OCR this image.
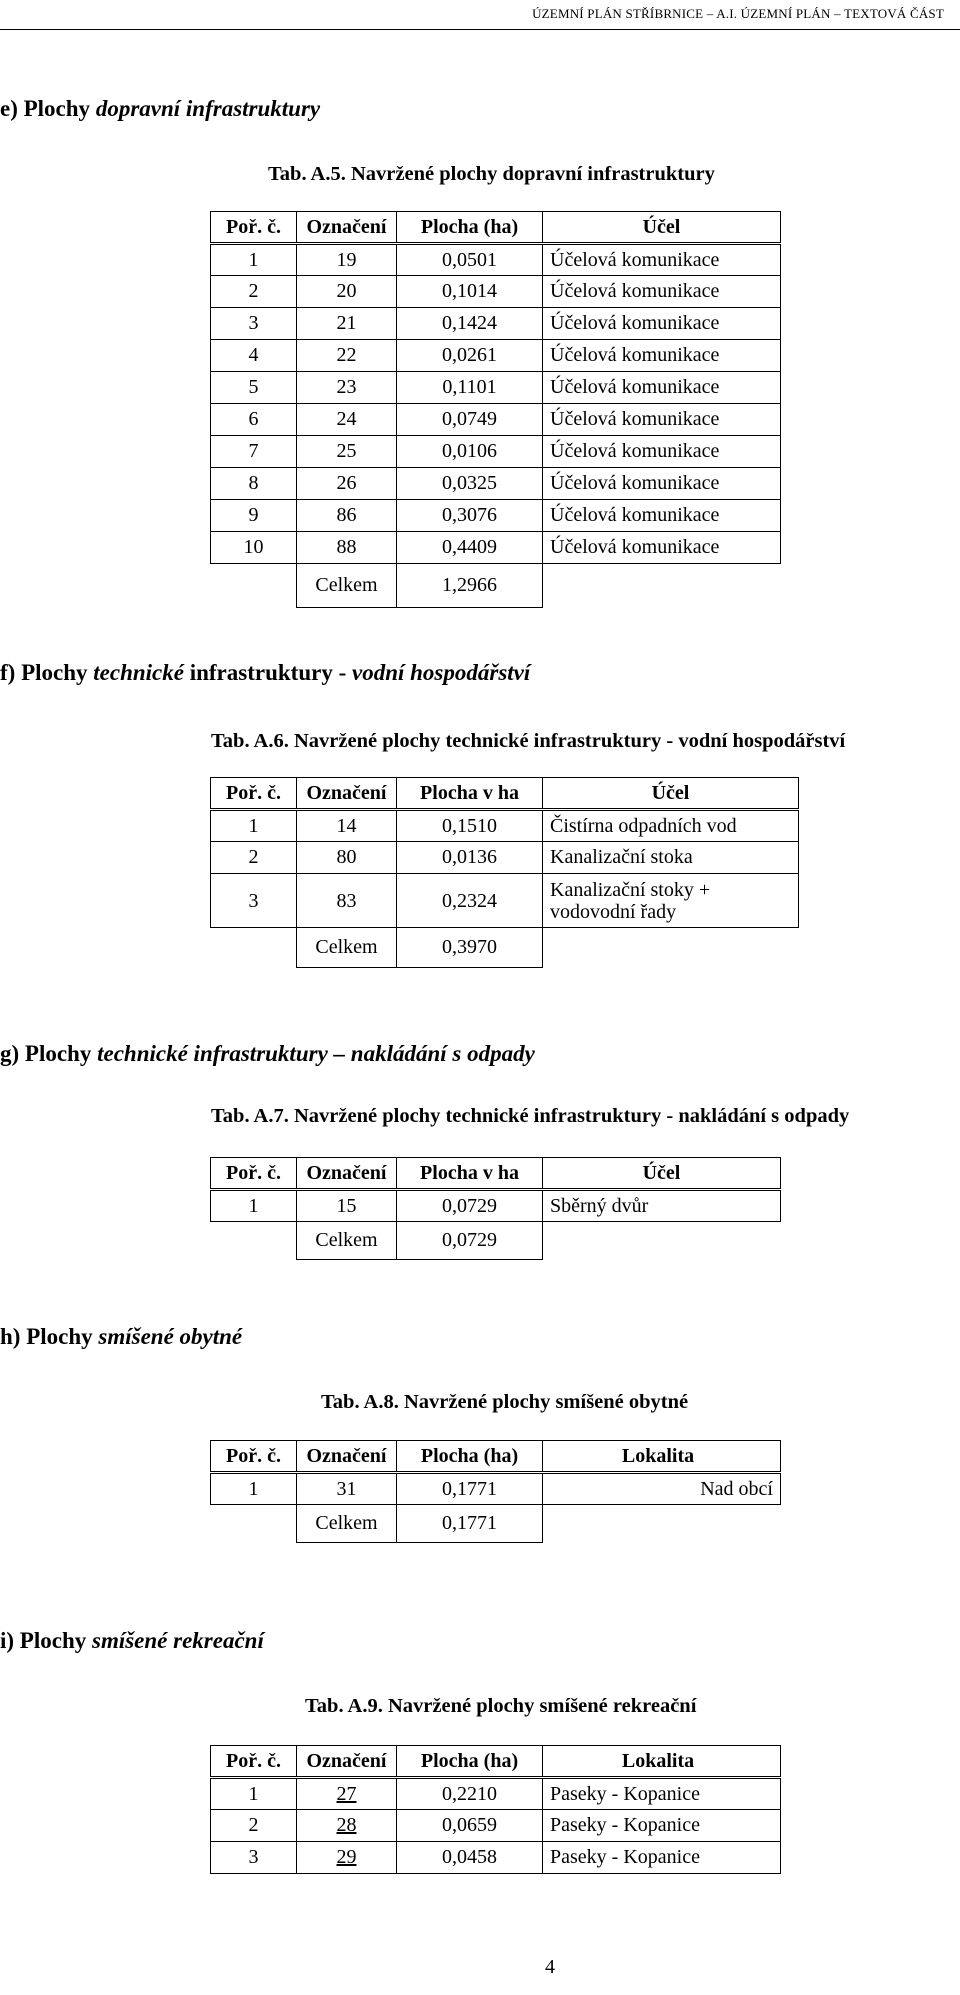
ÚZEMNÍ PLÁN STŘÍBRNICE – A.I. ÚZEMNÍ PLÁN – TEXTOVÁ ČÁST
e) Plochy dopravní infrastruktury
Tab. A.5. Navržené plochy dopravní infrastruktury
Poř. č.	Označení	Plocha (ha)	Účel
1	19	0,0501	Účelová komunikace
2	20	0,1014	Účelová komunikace
3	21	0,1424	Účelová komunikace
4	22	0,0261	Účelová komunikace
5	23	0,1101	Účelová komunikace
6	24	0,0749	Účelová komunikace
7	25	0,0106	Účelová komunikace
8	26	0,0325	Účelová komunikace
9	86	0,3076	Účelová komunikace
10	88	0,4409	Účelová komunikace
	Celkem	1,2966	
f) Plochy technické infrastruktury - vodní hospodářství
Tab. A.6. Navržené plochy technické infrastruktury - vodní hospodářství
Poř. č.	Označení	Plocha v ha	Účel
1	14	0,1510	Čistírna odpadních vod
2	80	0,0136	Kanalizační stoka
3	83	0,2324	Kanalizační stoky + vodovodní řady
	Celkem	0,3970	
g) Plochy technické infrastruktury – nakládání s odpady
Tab. A.7. Navržené plochy technické infrastruktury - nakládání s odpady
Poř. č.	Označení	Plocha v ha	Účel
1	15	0,0729	Sběrný dvůr
	Celkem	0,0729	
h) Plochy smíšené obytné
Tab. A.8. Navržené plochy smíšené obytné
Poř. č.	Označení	Plocha (ha)	Lokalita
1	31	0,1771	Nad obcí
	Celkem	0,1771	
i) Plochy smíšené rekreační
Tab. A.9. Navržené plochy smíšené rekreační
Poř. č.	Označení	Plocha (ha)	Lokalita
1	27	0,2210	Paseky - Kopanice
2	28	0,0659	Paseky - Kopanice
3	29	0,0458	Paseky - Kopanice
4
